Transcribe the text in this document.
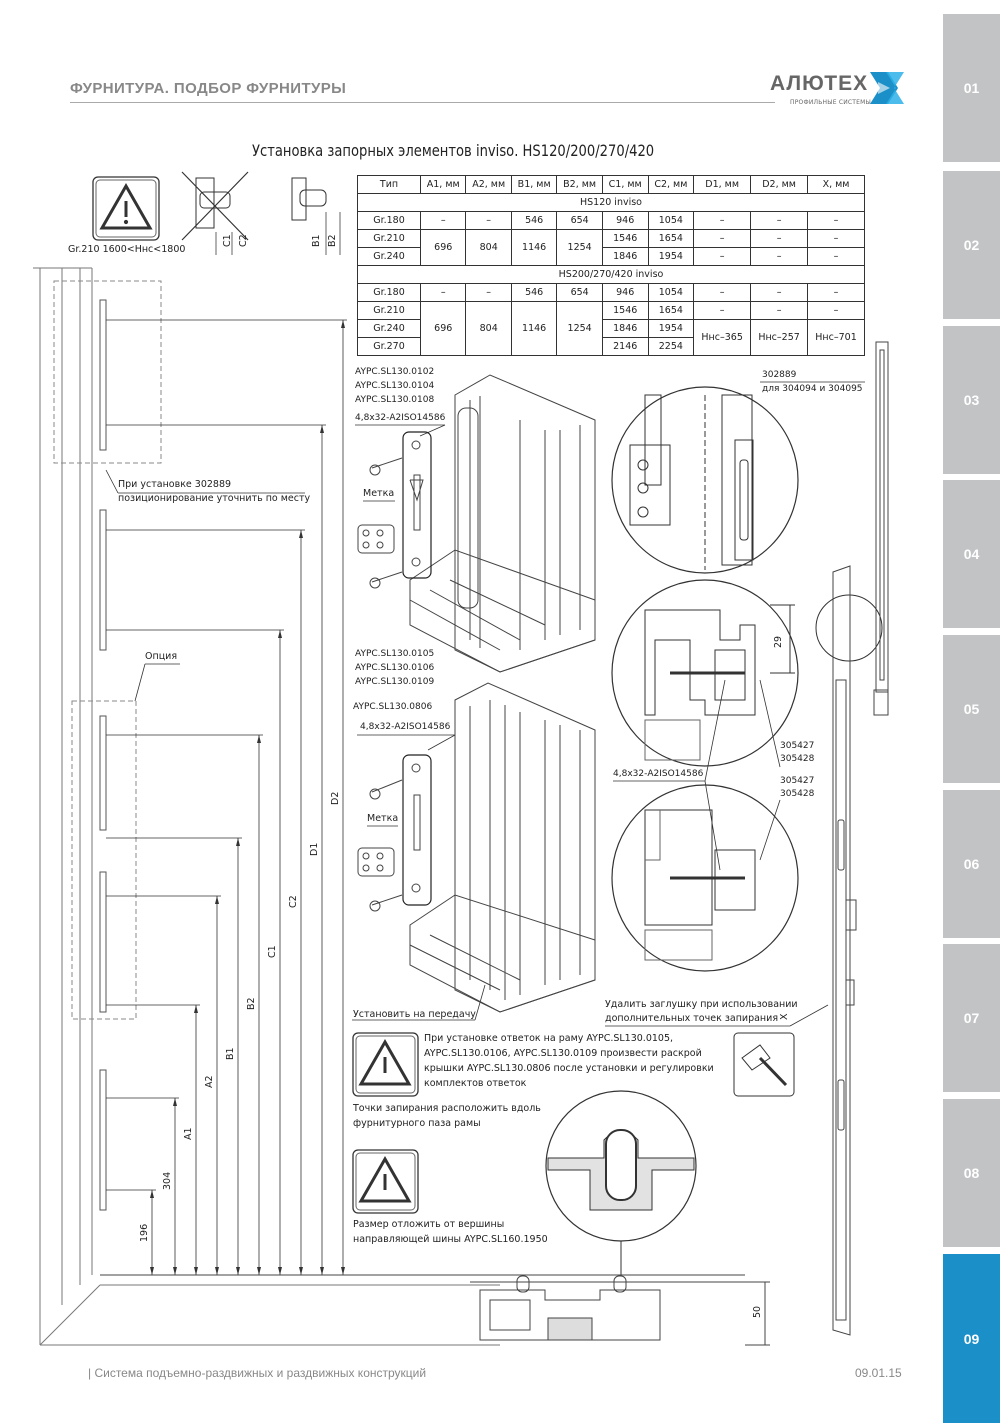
ФУРНИТУРА. ПОДБОР ФУРНИТУРЫ	АЛЮТЕХ
ПРОФИЛЬНЫЕ СИСТЕМЫ
01
02
03
04
05
06
07
08
09
Установка запорных элементов invisо. HS120/200/270/420
Тип	А1, мм	А2, мм	В1, мм	В2, мм	С1, мм	С2, мм	D1, мм	D2, мм	Х, мм
HS120 invisо									
Gr.180	–	–	546	654	946	1054	–	–	–
Gr.210	696	804	1146	1254	1546	1654	–	–	–
Gr.240					1846	1954	–	–	–
HS200/270/420 invisо									
Gr.180	–	–	546	654	946	1054	–	–	–
Gr.210	696	804	1146	1254	1546	1654	–	–	–
Gr.240					1846	1954	Hнс–365	Hнс–257	Hнс–701
Gr.270					2146	2254			
Gr.210 1600<Hнс<1800
С1 С2	В1 В2
AYPC.SL130.0102
AYPC.SL130.0104
AYPC.SL130.0108
4,8х32-A2ISO14586
Метка
При установке 302889
позиционирование уточнить по месту
Опция	AYPC.SL130.0105
AYPC.SL130.0106
AYPC.SL130.0109
AYPC.SL130.0806
4,8х32-A2ISO14586
Метка
302889
для 304094 и 304095
29
305427
305428
4,8х32-A2ISO14586
305427
305428
Установить на передачу
Удалить заглушку при использовании
дополнительных точек запирания Х
При установке ответок на раму AYPC.SL130.0105,
AYPC.SL130.0106, AYPC.SL130.0109 произвести раскрой
крышки AYPC.SL130.0806 после установки и регулировки
комплектов ответок
Точки запирания расположить вдоль
фурнитурного паза рамы
Размер отложить от вершины
направляющей шины AYPC.SL160.1950
196
304
А1
А2
В1
В2
С1
С2
D1
D2
50
| Система подъемно-раздвижных и раздвижных конструкций	09.01.15
